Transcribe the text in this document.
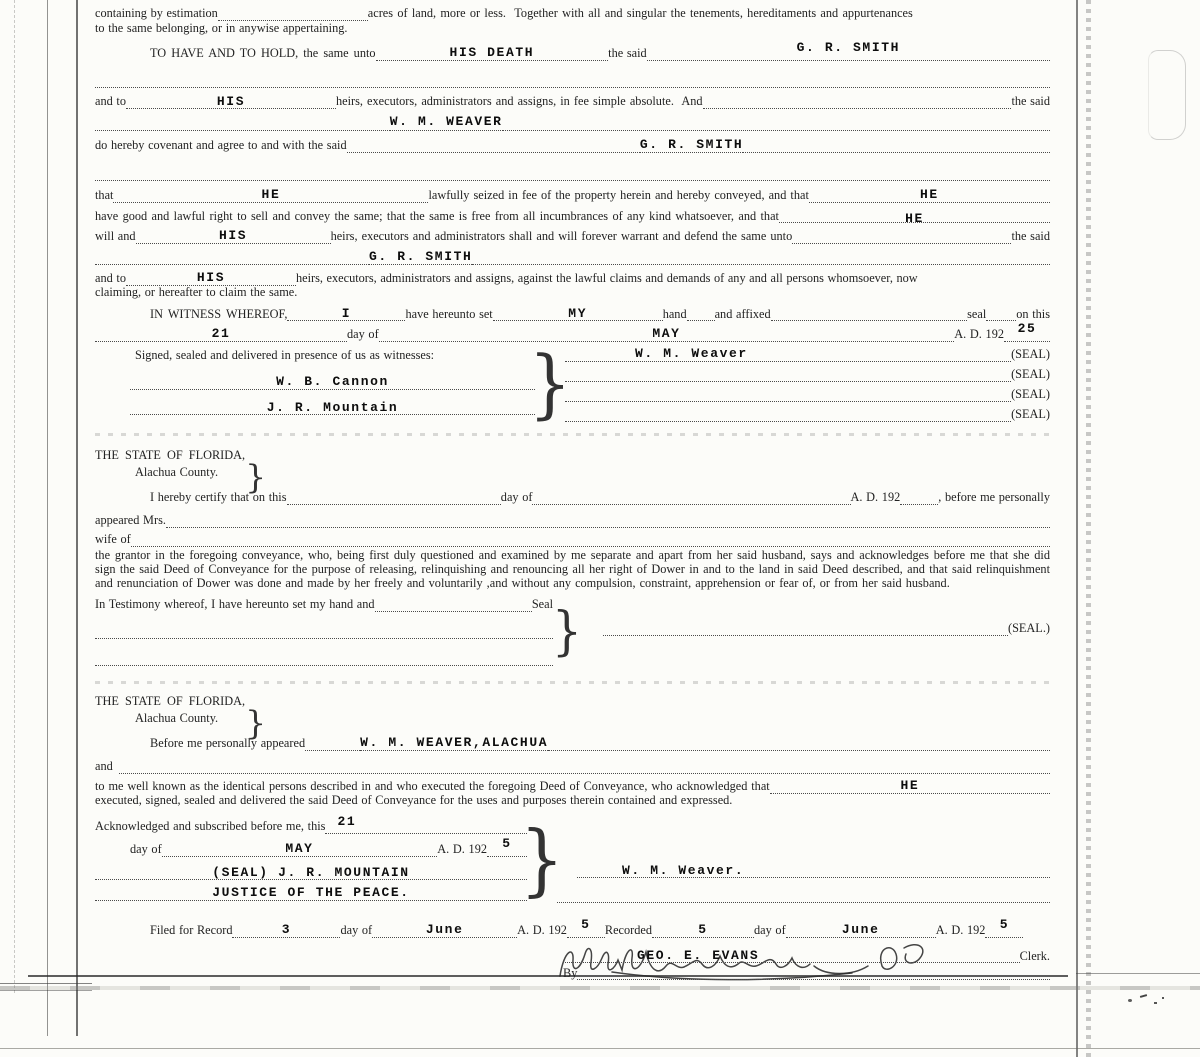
containing by estimation	acres of land, more or less.  Together with all and singular the tenements, hereditaments and appurtenances
to the same belonging, or in anywise appertaining.
TO HAVE AND TO HOLD, the same unto	HIS DEATH	the said	G. R. SMITH
and to	HIS	heirs, executors, administrators and assigns, in fee simple absolute.  And	the said
W. M. WEAVER
do hereby covenant and agree to and with the said	G. R. SMITH
that	HE	lawfully seized in fee of the property herein and hereby conveyed, and that	HE
have good and lawful right to sell and convey the same; that the same is free from all incumbrances of any kind whatsoever, and that	HE
will and	HIS	heirs, executors and administrators shall and will forever warrant and defend the same unto	the said
G. R. SMITH
and to	HIS	heirs, executors, administrators and assigns, against the lawful claims and demands of any and all persons whomsoever, now
claiming, or hereafter to claim the same.
IN WITNESS WHEREOF,	I	have hereunto set	MY	hand and affixed	seal on this
21	day of	MAY	A. D. 192 25
Signed, sealed and delivered in presence of us as witnesses:
W. B. Cannon
J. R. Mountain }	W. M. Weaver	(SEAL)
(SEAL)
(SEAL)
(SEAL)
THE STATE OF FLORIDA,
}
Alachua County.
I hereby certify that on this	day of	A. D. 192	, before me personally
appeared Mrs.
wife of
the grantor in the foregoing conveyance, who, being first duly questioned and examined by me separate and apart from her said husband, says and acknowledges before me that she did sign the said Deed of Conveyance for the purpose of releasing, relinquishing and renouncing all her right of Dower in and to the land in said Deed described, and that said relinquishment and renunciation of Dower was done and made by her freely and voluntarily ,and without any compulsion, constraint, apprehension or fear of, or from her said husband.
In Testimony whereof, I have hereunto set my hand and	Seal }	(SEAL.)
THE STATE OF FLORIDA,
}
Alachua County.
Before me personally appeared	W. M. WEAVER,ALACHUA
and
to me well known as the identical persons described in and who executed the foregoing Deed of Conveyance, who acknowledged that	HE
executed, signed, sealed and delivered the said Deed of Conveyance for the uses and purposes therein contained and expressed.
Acknowledged and subscribed before me, this 21
day of	MAY	A. D. 192 5
(SEAL) J. R. MOUNTAIN
JUSTICE OF THE PEACE. }	W. M. Weaver.
Filed for Record	3	day of	June	A. D. 192 5 Recorded	5	day of	June	A. D. 192 5
GEO. E. EVANS	Clerk.
By
